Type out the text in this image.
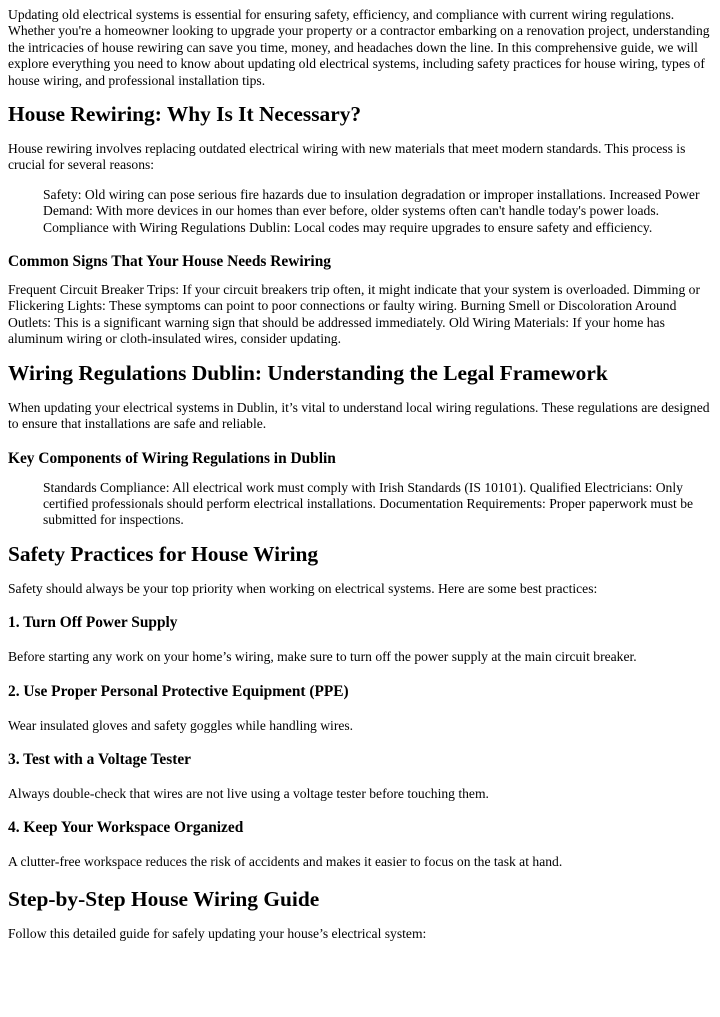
Updating old electrical systems is essential for ensuring safety, efficiency, and compliance with current wiring regulations. Whether you're a homeowner looking to upgrade your property or a contractor embarking on a renovation project, understanding the intricacies of house rewiring can save you time, money, and headaches down the line. In this comprehensive guide, we will explore everything you need to know about updating old electrical systems, including safety practices for house wiring, types of house wiring, and professional installation tips.

House Rewiring: Why Is It Necessary?

House rewiring involves replacing outdated electrical wiring with new materials that meet modern standards. This process is crucial for several reasons:

Safety: Old wiring can pose serious fire hazards due to insulation degradation or improper installations. Increased Power Demand: With more devices in our homes than ever before, older systems often can't handle today's power loads. Compliance with Wiring Regulations Dublin: Local codes may require upgrades to ensure safety and efficiency.
Common Signs That Your House Needs Rewiring

Frequent Circuit Breaker Trips: If your circuit breakers trip often, it might indicate that your system is overloaded. Dimming or Flickering Lights: These symptoms can point to poor connections or faulty wiring. Burning Smell or Discoloration Around Outlets: This is a significant warning sign that should be addressed immediately. Old Wiring Materials: If your home has aluminum wiring or cloth-insulated wires, consider updating.

Wiring Regulations Dublin: Understanding the Legal Framework

When updating your electrical systems in Dublin, it’s vital to understand local wiring regulations. These regulations are designed to ensure that installations are safe and reliable.

Key Components of Wiring Regulations in Dublin
Standards Compliance: All electrical work must comply with Irish Standards (IS 10101). Qualified Electricians: Only certified professionals should perform electrical installations. Documentation Requirements: Proper paperwork must be submitted for inspections.
Safety Practices for House Wiring

Safety should always be your top priority when working on electrical systems. Here are some best practices:

1. Turn Off Power Supply

Before starting any work on your home’s wiring, make sure to turn off the power supply at the main circuit breaker.

2. Use Proper Personal Protective Equipment (PPE)

Wear insulated gloves and safety goggles while handling wires.

3. Test with a Voltage Tester

Always double-check that wires are not live using a voltage tester before touching them.

4. Keep Your Workspace Organized

A clutter-free workspace reduces the risk of accidents and makes it easier to focus on the task at hand.

Step-by-Step House Wiring Guide

Follow this detailed guide for safely updating your house’s electrical system:
